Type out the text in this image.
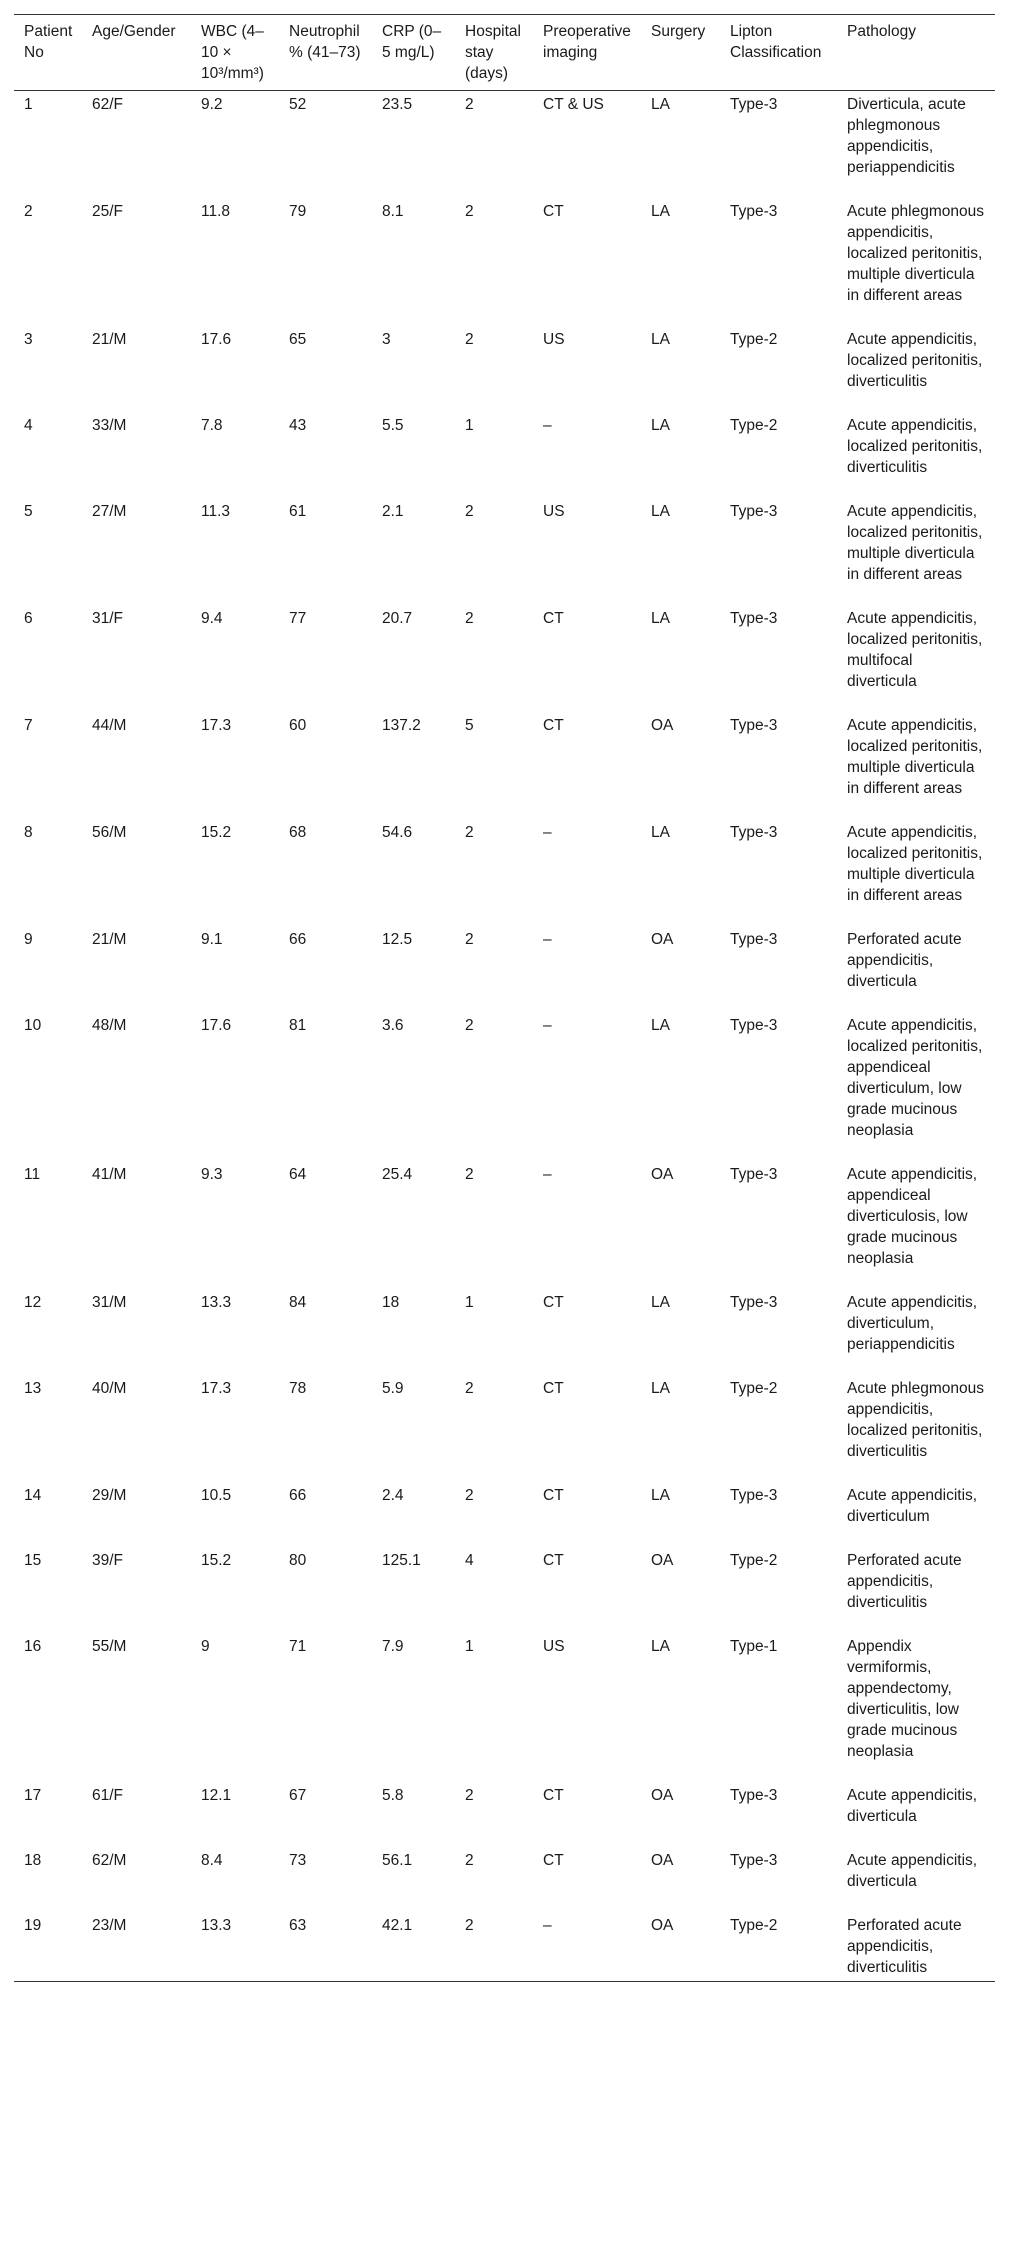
Patient No	Age/Gender	WBC (4–10 × 10³/mm³)	Neutrophil % (41–73)	CRP (0–5 mg/L)	Hospital stay (days)	Preoperative imaging	Surgery	Lipton Classification	Pathology
1	62/F	9.2	52	23.5	2	CT & US	LA	Type-3	Diverticula, acute phlegmonous appendicitis, periappendicitis
2	25/F	11.8	79	8.1	2	CT	LA	Type-3	Acute phlegmonous appendicitis, localized peritonitis, multiple diverticula in different areas
3	21/M	17.6	65	3	2	US	LA	Type-2	Acute appendicitis, localized peritonitis, diverticulitis
4	33/M	7.8	43	5.5	1	–	LA	Type-2	Acute appendicitis, localized peritonitis, diverticulitis
5	27/M	11.3	61	2.1	2	US	LA	Type-3	Acute appendicitis, localized peritonitis, multiple diverticula in different areas
6	31/F	9.4	77	20.7	2	CT	LA	Type-3	Acute appendicitis, localized peritonitis, multifocal diverticula
7	44/M	17.3	60	137.2	5	CT	OA	Type-3	Acute appendicitis, localized peritonitis, multiple diverticula in different areas
8	56/M	15.2	68	54.6	2	–	LA	Type-3	Acute appendicitis, localized peritonitis, multiple diverticula in different areas
9	21/M	9.1	66	12.5	2	–	OA	Type-3	Perforated acute appendicitis, diverticula
10	48/M	17.6	81	3.6	2	–	LA	Type-3	Acute appendicitis, localized peritonitis, appendiceal diverticulum, low grade mucinous neoplasia
11	41/M	9.3	64	25.4	2	–	OA	Type-3	Acute appendicitis, appendiceal diverticulosis, low grade mucinous neoplasia
12	31/M	13.3	84	18	1	CT	LA	Type-3	Acute appendicitis, diverticulum, periappendicitis
13	40/M	17.3	78	5.9	2	CT	LA	Type-2	Acute phlegmonous appendicitis, localized peritonitis, diverticulitis
14	29/M	10.5	66	2.4	2	CT	LA	Type-3	Acute appendicitis, diverticulum
15	39/F	15.2	80	125.1	4	CT	OA	Type-2	Perforated acute appendicitis, diverticulitis
16	55/M	9	71	7.9	1	US	LA	Type-1	Appendix vermiformis, appendectomy, diverticulitis, low grade mucinous neoplasia
17	61/F	12.1	67	5.8	2	CT	OA	Type-3	Acute appendicitis, diverticula
18	62/M	8.4	73	56.1	2	CT	OA	Type-3	Acute appendicitis, diverticula
19	23/M	13.3	63	42.1	2	–	OA	Type-2	Perforated acute appendicitis, diverticulitis
